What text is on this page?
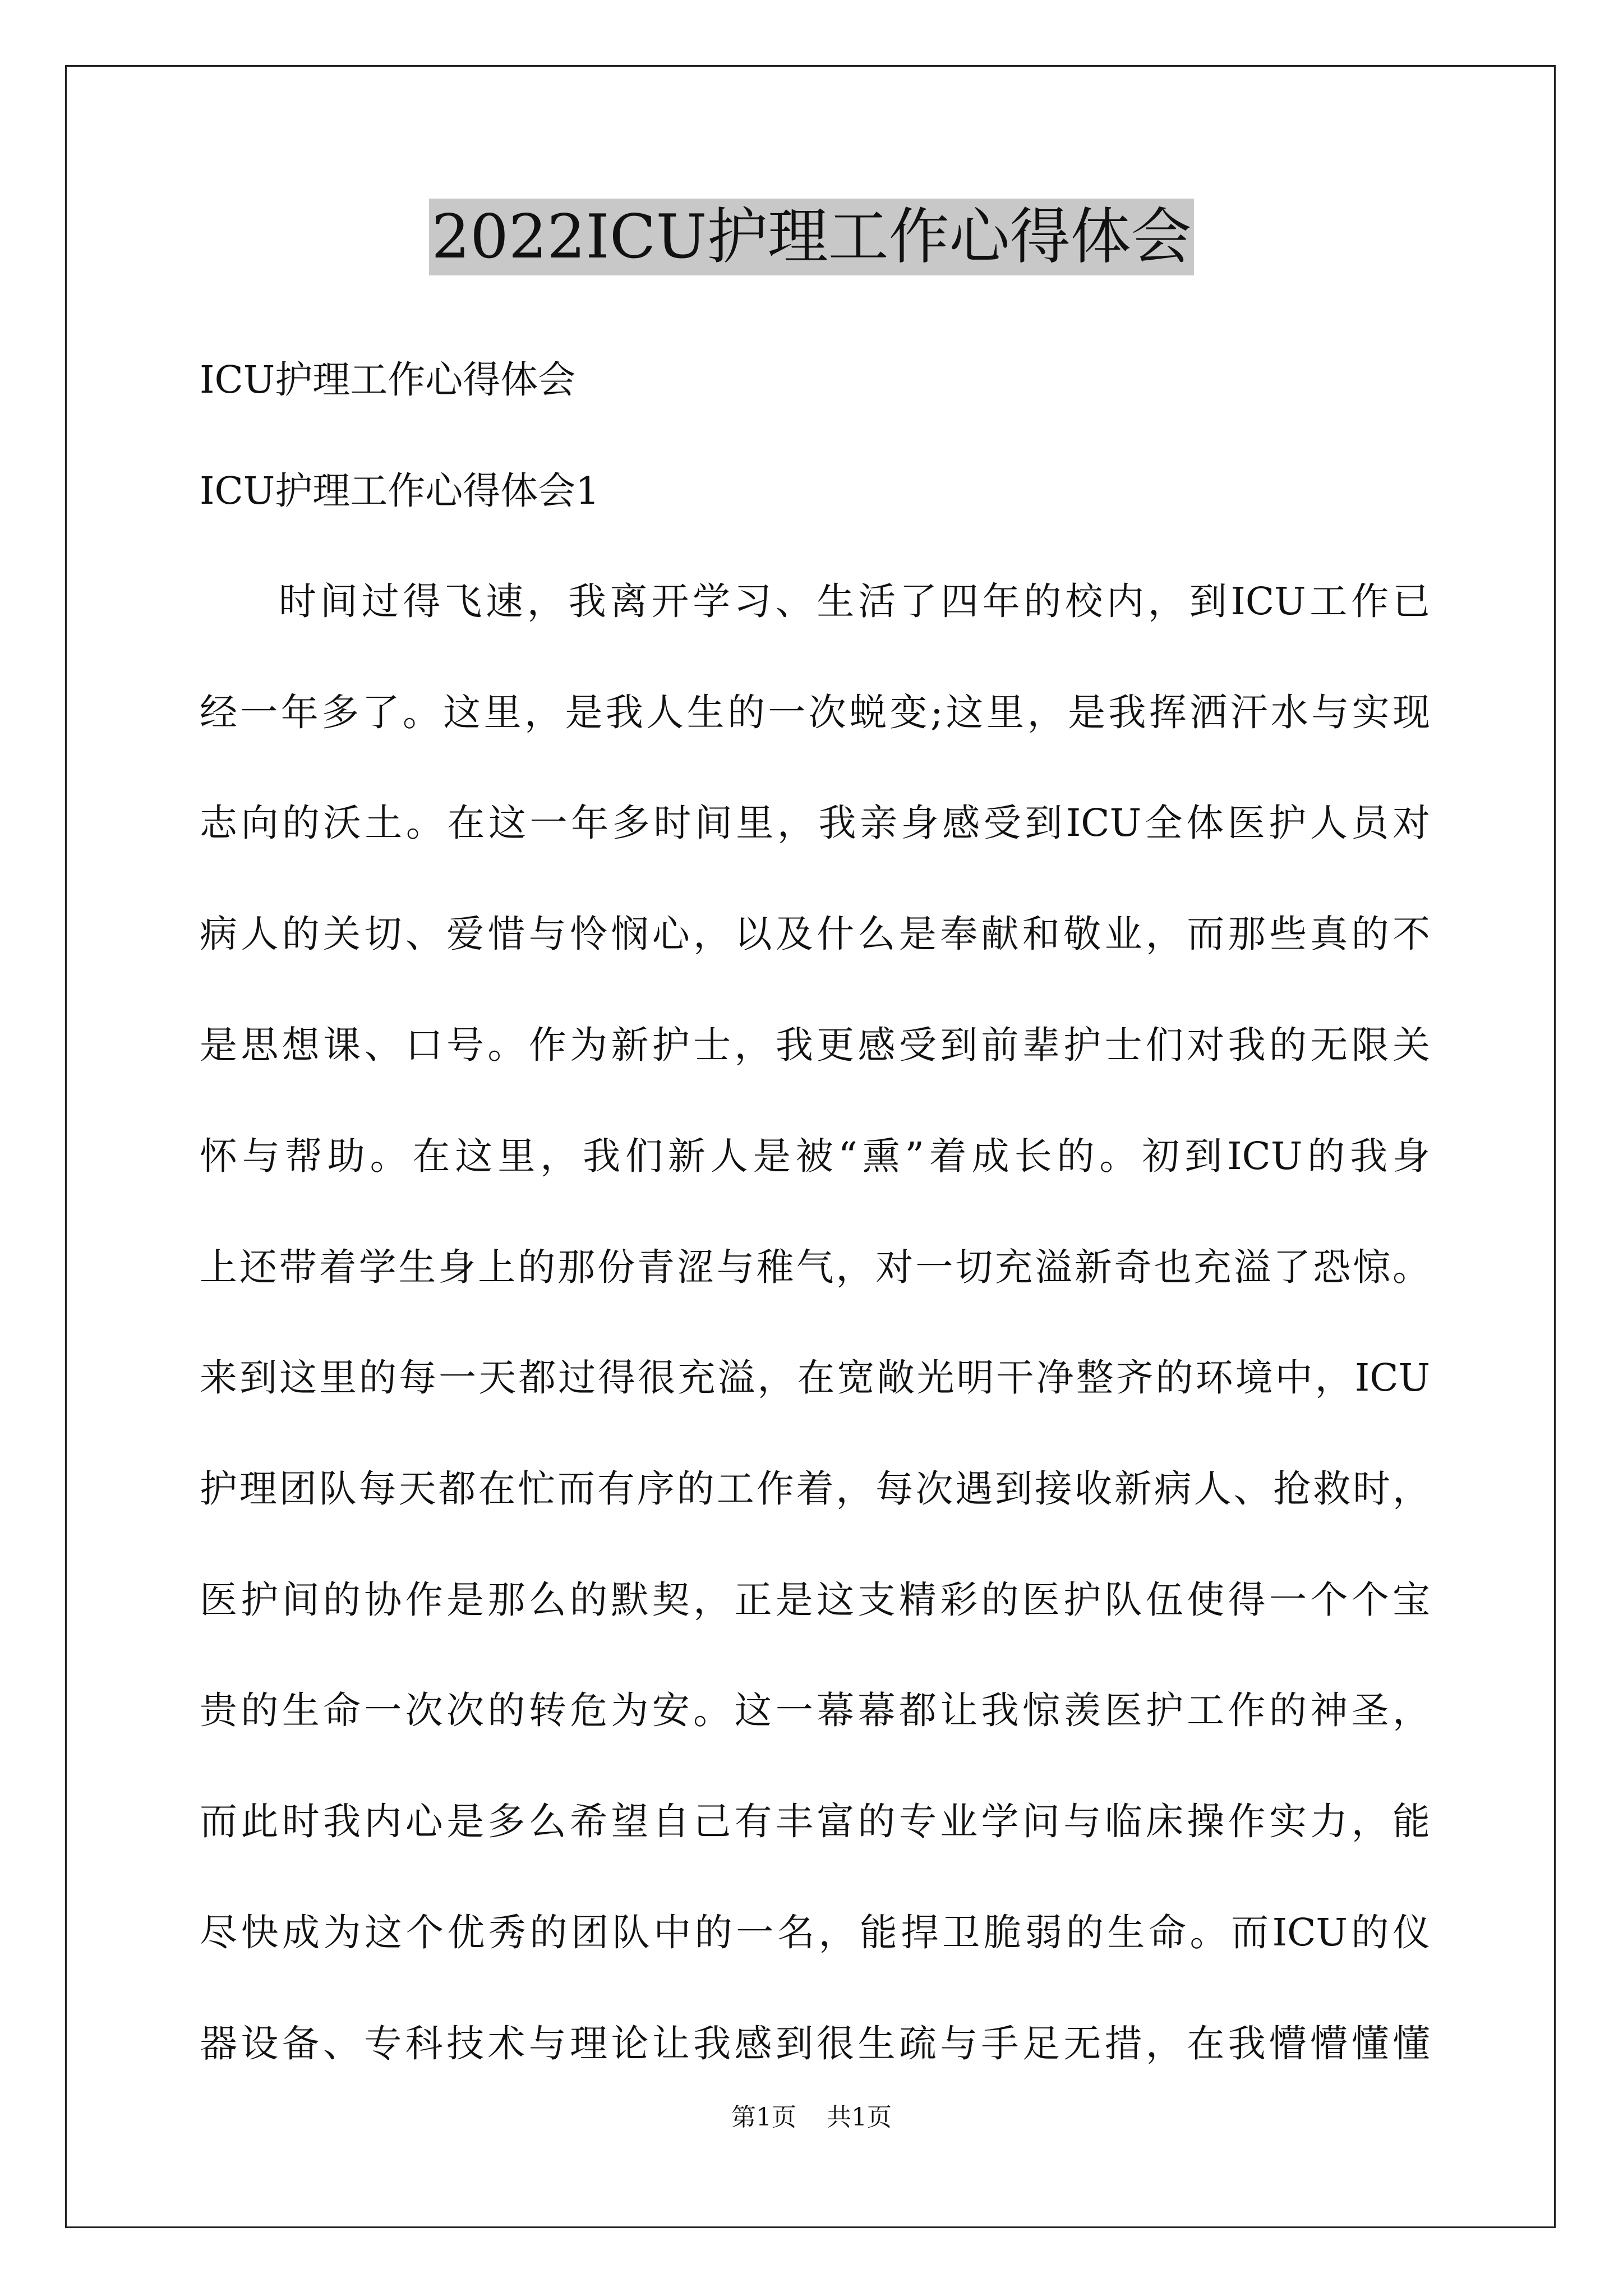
2022ICU护理工作心得体会
ICU护理工作心得体会
ICU护理工作心得体会1
时间过得飞速，我离开学习、生活了四年的校内，到ICU工作已
经一年多了。这里，是我人生的一次蜕变;这里，是我挥洒汗水与实现
志向的沃土。在这一年多时间里，我亲身感受到ICU全体医护人员对
病人的关切、爱惜与怜悯心，以及什么是奉献和敬业，而那些真的不
是思想课、口号。作为新护士，我更感受到前辈护士们对我的无限关
怀与帮助。在这里，我们新人是被“熏”着成长的。初到ICU的我身
上还带着学生身上的那份青涩与稚气，对一切充溢新奇也充溢了恐惊。
来到这里的每一天都过得很充溢，在宽敞光明干净整齐的环境中，ICU
护理团队每天都在忙而有序的工作着，每次遇到接收新病人、抢救时，
医护间的协作是那么的默契，正是这支精彩的医护队伍使得一个个宝
贵的生命一次次的转危为安。这一幕幕都让我惊羡医护工作的神圣，
而此时我内心是多么希望自己有丰富的专业学问与临床操作实力，能
尽快成为这个优秀的团队中的一名，能捍卫脆弱的生命。而ICU的仪
器设备、专科技术与理论让我感到很生疏与手足无措，在我懵懵懂懂
第1页 共1页
